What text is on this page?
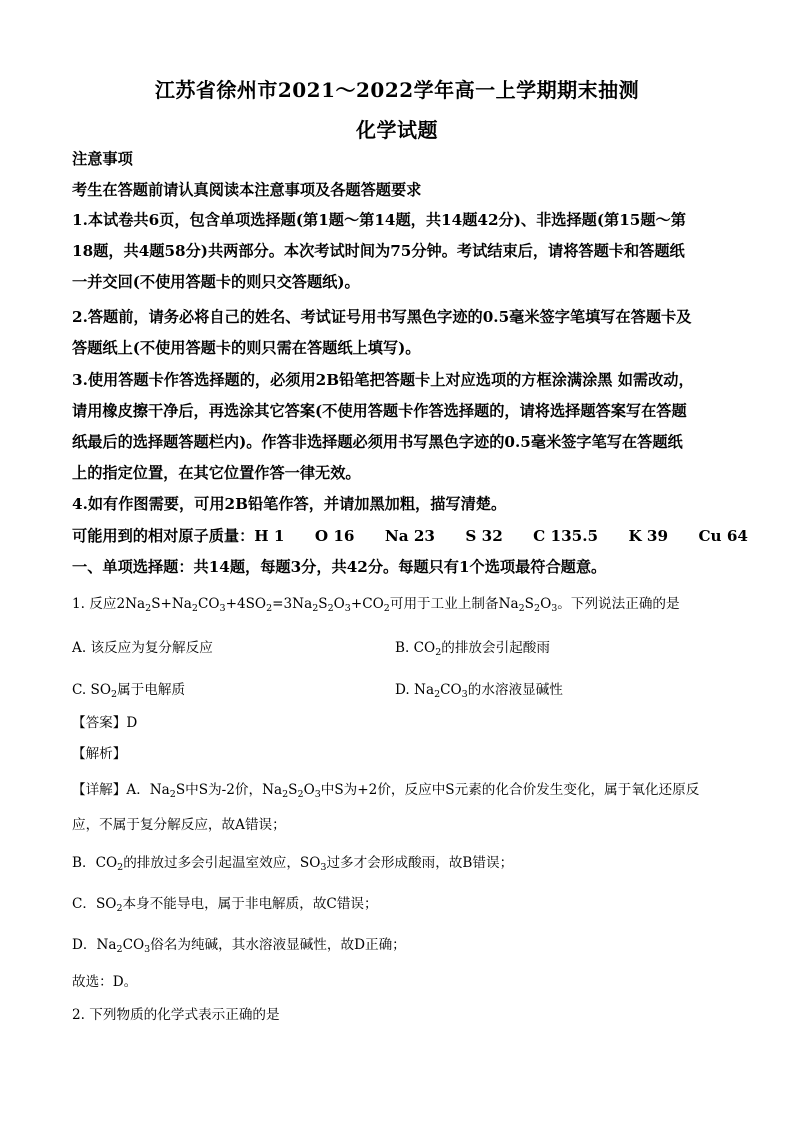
江苏省徐州市2021～2022学年高一上学期期末抽测
化学试题
注意事项
考生在答题前请认真阅读本注意事项及各题答题要求
1.本试卷共6页，包含单项选择题(第1题～第14题，共14题42分)、非选择题(第15题～第
18题，共4题58分)共两部分。本次考试时间为75分钟。考试结束后，请将答题卡和答题纸
一并交回(不使用答题卡的则只交答题纸)。
2.答题前，请务必将自己的姓名、考试证号用书写黑色字迹的0.5毫米签字笔填写在答题卡及
答题纸上(不使用答题卡的则只需在答题纸上填写)。
3.使用答题卡作答选择题的，必须用2B铅笔把答题卡上对应选项的方框涂满涂黑 如需改动，
请用橡皮擦干净后，再选涂其它答案(不使用答题卡作答选择题的，请将选择题答案写在答题
纸最后的选择题答题栏内)。作答非选择题必须用书写黑色字迹的0.5毫米签字笔写在答题纸
上的指定位置，在其它位置作答一律无效。
4.如有作图需要，可用2B铅笔作答，并请加黑加粗，描写清楚。
可能用到的相对原子质量：H 1　　O 16　　Na 23　　S 32　　C 135.5　　K 39　　Cu 64
一、单项选择题：共14题，每题3分，共42分。每题只有1个选项最符合题意。
1. 反应$2Na_2S+Na_2CO_3+4SO_2=3Na_2S_2O_3+CO_2$可用于工业上制备$Na_2S_2O_3$。下列说法正确的是
A. 该反应为复分解反应	B. $CO_2$的排放会引起酸雨
C. $SO_2$属于电解质	D. $Na_2CO_3$的水溶液显碱性
【答案】D
【解析】
【详解】A．$Na_2S$中S为-2价，$Na_2S_2O_3$中S为+2价，反应中S元素的化合价发生变化，属于氧化还原反
应，不属于复分解反应，故A错误；
B．$CO_2$的排放过多会引起温室效应，$SO_3$过多才会形成酸雨，故B错误；
C．$SO_2$本身不能导电，属于非电解质，故C错误；
D．$Na_2CO_3$俗名为纯碱，其水溶液显碱性，故D正确；
故选：D。
2. 下列物质的化学式表示正确的是
